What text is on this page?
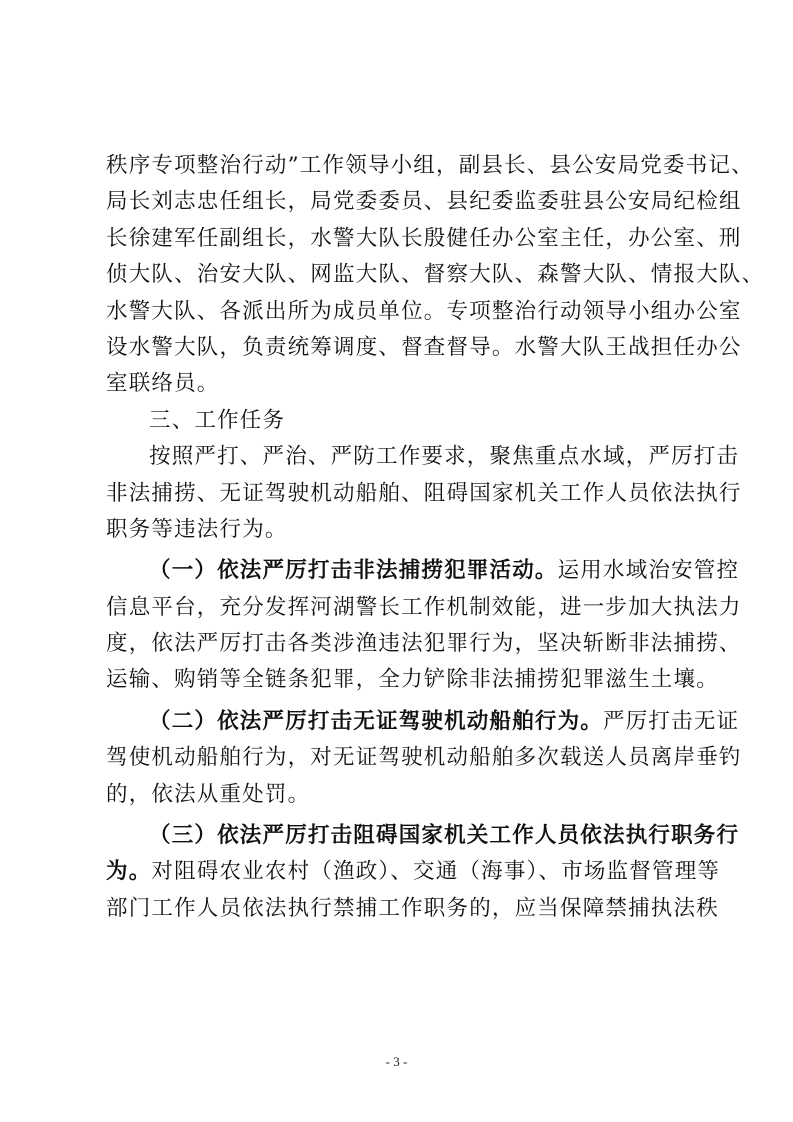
秩序专项整治行动”工作领导小组，副县长、县公安局党委书记、
局长刘志忠任组长，局党委委员、县纪委监委驻县公安局纪检组
长徐建军任副组长，水警大队长殷健任办公室主任，办公室、刑
侦大队、治安大队、网监大队、督察大队、森警大队、情报大队、
水警大队、各派出所为成员单位。专项整治行动领导小组办公室
设水警大队，负责统筹调度、督查督导。水警大队王战担任办公
室联络员。
三、工作任务
按照严打、严治、严防工作要求，聚焦重点水域，严厉打击
非法捕捞、无证驾驶机动船舶、阻碍国家机关工作人员依法执行
职务等违法行为。
（一）依法严厉打击非法捕捞犯罪活动。运用水域治安管控
信息平台，充分发挥河湖警长工作机制效能，进一步加大执法力
度，依法严厉打击各类涉渔违法犯罪行为，坚决斩断非法捕捞、
运输、购销等全链条犯罪，全力铲除非法捕捞犯罪滋生土壤。
（二）依法严厉打击无证驾驶机动船舶行为。严厉打击无证
驾使机动船舶行为，对无证驾驶机动船舶多次载送人员离岸垂钓
的，依法从重处罚。
（三）依法严厉打击阻碍国家机关工作人员依法执行职务行
为。对阻碍农业农村（渔政）、交通（海事）、市场监督管理等
部门工作人员依法执行禁捕工作职务的，应当保障禁捕执法秩
- 3 -
